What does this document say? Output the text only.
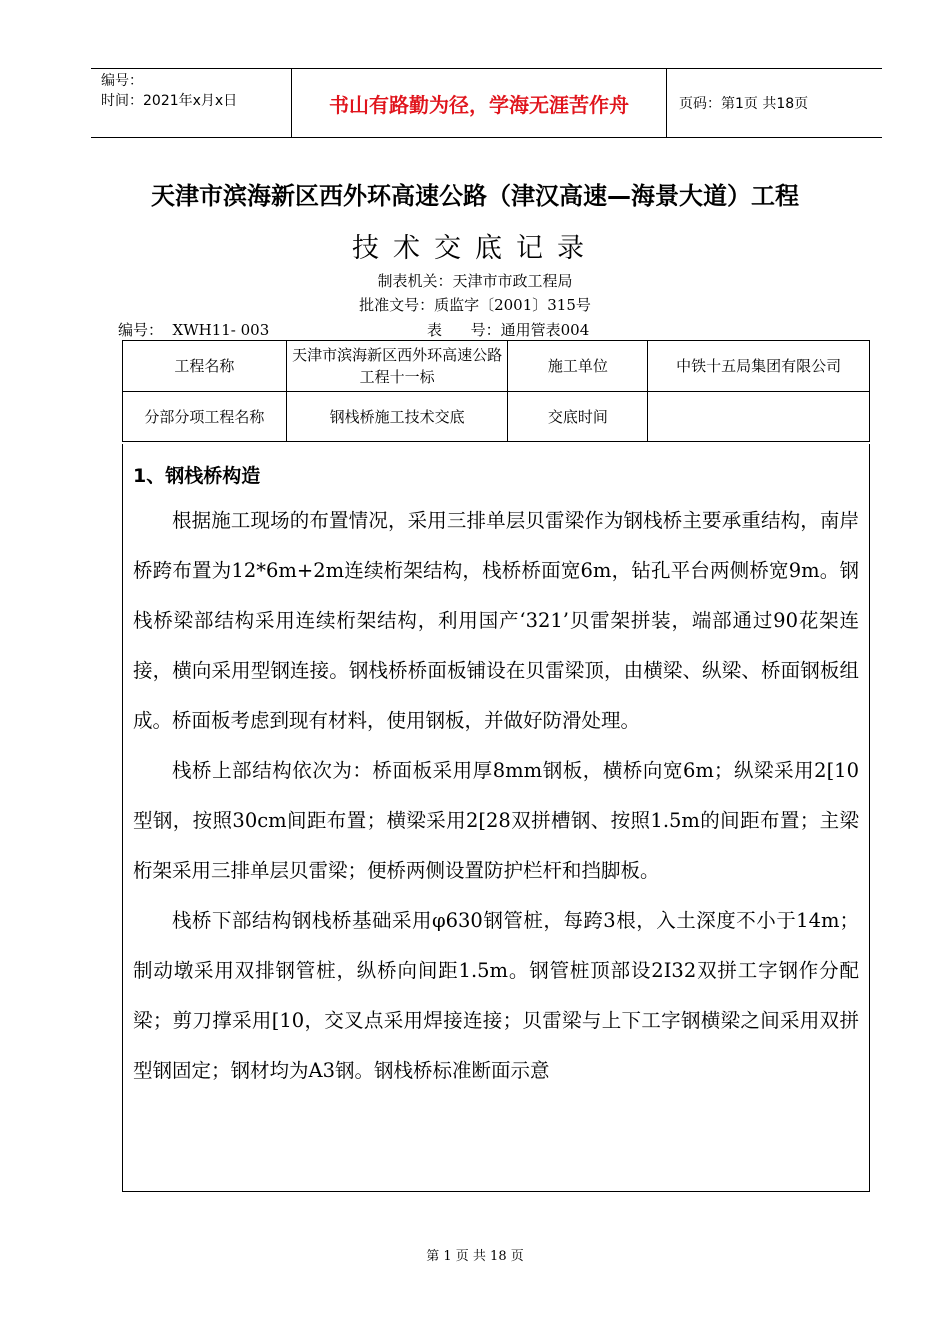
编号：
时间：2021年x月x日	书山有路勤为径，学海无涯苦作舟	页码：第1页 共18页
天津市滨海新区西外环高速公路（津汉高速—海景大道）工程
技术交底记录
制表机关：天津市市政工程局
批准文号：质监字〔2001〕315号
编号：  XWH11- 003	表      号：通用管表004
工程名称	天津市滨海新区西外环高速公路工程十一标	施工单位	中铁十五局集团有限公司
分部分项工程名称	钢栈桥施工技术交底	交底时间	
1、钢栈桥构造

根据施工现场的布置情况，采用三排单层贝雷梁作为钢栈桥主要承重结构，南岸桥跨布置为12*6m+2m连续桁架结构，栈桥桥面宽6m，钻孔平台两侧桥宽9m。钢栈桥梁部结构采用连续桁架结构，利用国产‘321’贝雷架拼装，端部通过90花架连接，横向采用型钢连接。钢栈桥桥面板铺设在贝雷梁顶，由横梁、纵梁、桥面钢板组成。桥面板考虑到现有材料，使用钢板，并做好防滑处理。

栈桥上部结构依次为：桥面板采用厚8mm钢板，横桥向宽6m；纵梁采用2[10型钢，按照30cm间距布置；横梁采用2[28双拼槽钢、按照1.5m的间距布置；主梁桁架采用三排单层贝雷梁；便桥两侧设置防护栏杆和挡脚板。

栈桥下部结构钢栈桥基础采用φ630钢管桩，每跨3根，入土深度不小于14m；制动墩采用双排钢管桩，纵桥向间距1.5m。钢管桩顶部设2I32双拼工字钢作分配梁；剪刀撑采用[10，交叉点采用焊接连接；贝雷梁与上下工字钢横梁之间采用双拼型钢固定；钢材均为A3钢。钢栈桥标准断面示意

第 1 页 共 18 页
